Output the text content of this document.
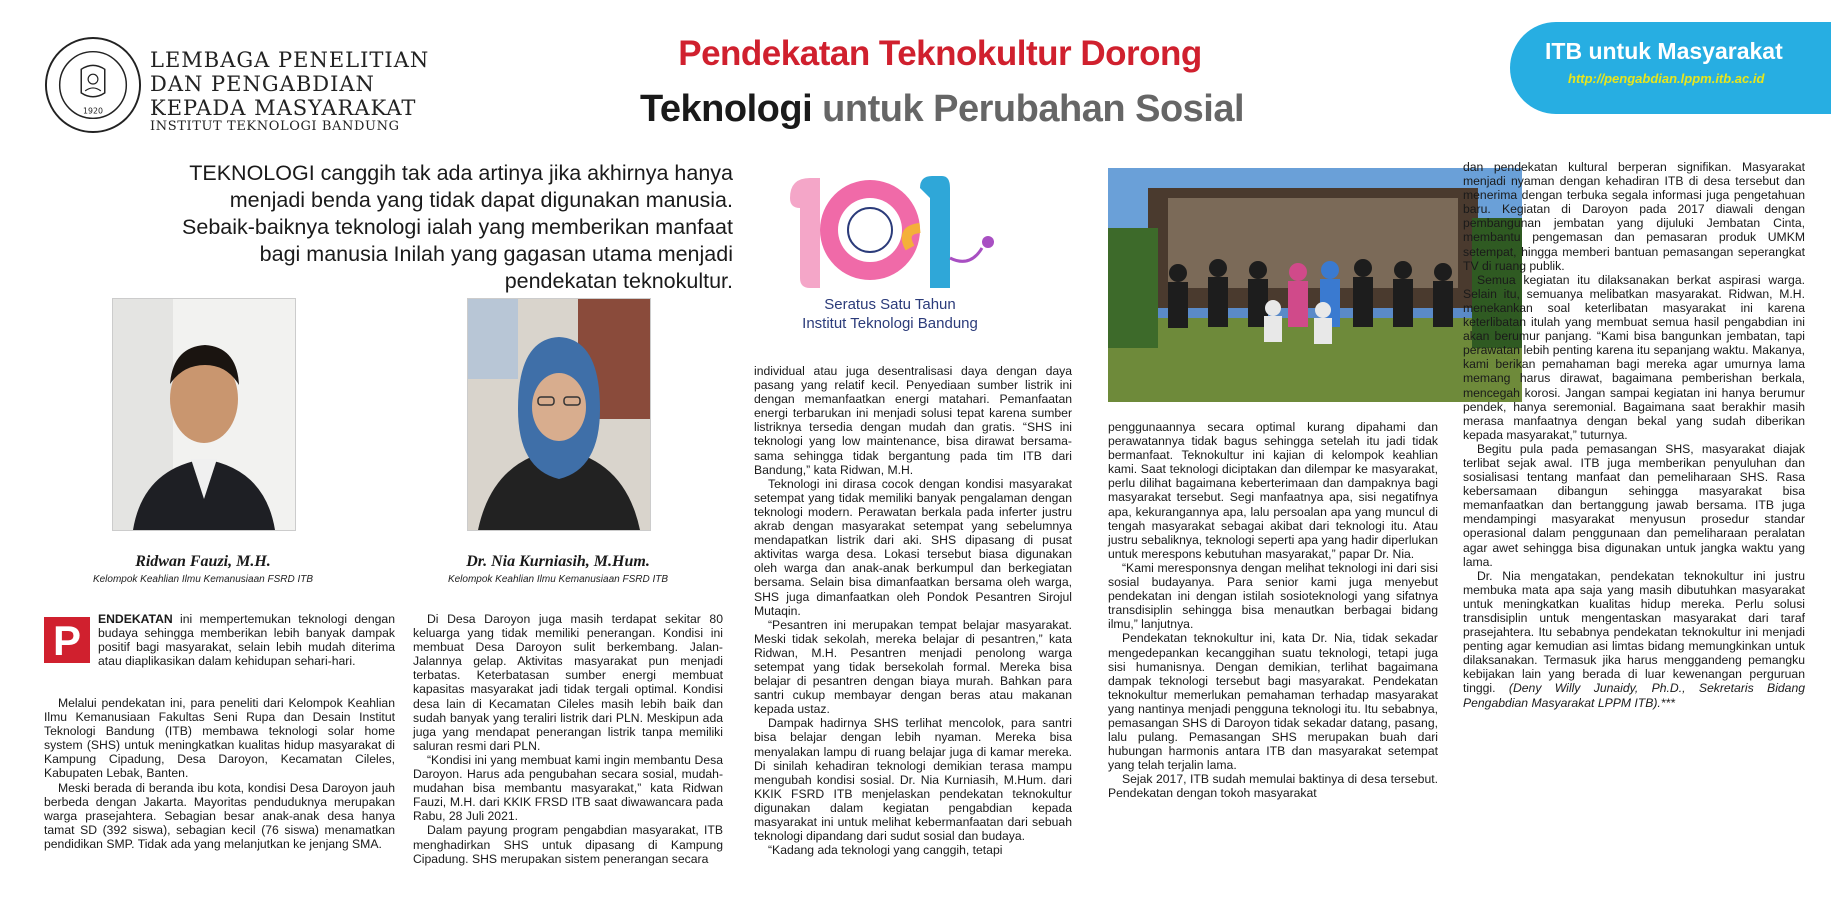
1920
LEMBAGA PENELITIAN
DAN PENGABDIAN
KEPADA MASYARAKAT
INSTITUT TEKNOLOGI BANDUNG
Pendekatan Teknokultur Dorong
Teknologi untuk Perubahan Sosial
ITB untuk Masyarakat
http://pengabdian.lppm.itb.ac.id
TEKNOLOGI canggih tak ada artinya jika akhirnya hanya menjadi benda yang tidak dapat digunakan manusia. Sebaik-baiknya teknologi ialah yang memberikan manfaat bagi manusia Inilah yang gagasan utama menjadi pendekatan teknokultur.
Ridwan Fauzi, M.H.
Kelompok Keahlian Ilmu Kemanusiaan FSRD ITB
Dr. Nia Kurniasih, M.Hum.
Kelompok Keahlian Ilmu Kemanusiaan FSRD ITB
Seratus Satu Tahun
Institut Teknologi Bandung
P	ENDEKATAN ini mempertemukan teknologi dengan budaya sehingga memberikan lebih banyak dampak positif bagi masyarakat, selain lebih mudah diterima atau diaplikasikan dalam kehidupan sehari-hari.

Melalui pendekatan ini, para peneliti dari Kelompok Keahlian Ilmu Kemanusiaan Fakultas Seni Rupa dan Desain Institut Teknologi Bandung (ITB) membawa teknologi solar home system (SHS) untuk meningkatkan kualitas hidup masyarakat di Kampung Cipadung, Desa Daroyon, Kecamatan Cileles, Kabupaten Lebak, Banten.

Meski berada di beranda ibu kota, kondisi Desa Daroyon jauh berbeda dengan Jakarta. Mayoritas penduduknya merupakan warga prasejahtera. Sebagian besar anak-anak desa hanya tamat SD (392 siswa), sebagian kecil (76 siswa) menamatkan pendidikan SMP. Tidak ada yang melanjutkan ke jenjang SMA.

Di Desa Daroyon juga masih terdapat sekitar 80 keluarga yang tidak memiliki penerangan. Kondisi ini membuat Desa Daroyon sulit berkembang. Jalan-Jalannya gelap. Aktivitas masyarakat pun menjadi terbatas. Keterbatasan sumber energi membuat kapasitas masyarakat jadi tidak tergali optimal. Kondisi desa lain di Kecamatan Cileles masih lebih baik dan sudah banyak yang teraliri listrik dari PLN. Meskipun ada juga yang mendapat penerangan listrik tanpa memiliki saluran resmi dari PLN.

“Kondisi ini yang membuat kami ingin membantu Desa Daroyon. Harus ada pengubahan secara sosial, mudah-mudahan bisa membantu masyarakat,” kata Ridwan Fauzi, M.H. dari KKIK FRSD ITB saat diwawancara pada Rabu, 28 Juli 2021.

Dalam payung program pengabdian masyarakat, ITB menghadirkan SHS untuk dipasang di Kampung Cipadung. SHS merupakan sistem penerangan secara

individual atau juga desentralisasi daya dengan daya pasang yang relatif kecil. Penyediaan sumber listrik ini dengan memanfaatkan energi matahari. Pemanfaatan energi terbarukan ini menjadi solusi tepat karena sumber listriknya tersedia dengan mudah dan gratis. “SHS ini teknologi yang low maintenance, bisa dirawat bersama-sama sehingga tidak bergantung pada tim ITB dari Bandung,” kata Ridwan, M.H.

Teknologi ini dirasa cocok dengan kondisi masyarakat setempat yang tidak memiliki banyak pengalaman dengan teknologi modern. Perawatan berkala pada inferter justru akrab dengan masyarakat setempat yang sebelumnya mendapatkan listrik dari aki. SHS dipasang di pusat aktivitas warga desa. Lokasi tersebut biasa digunakan oleh warga dan anak-anak berkumpul dan berkegiatan bersama. Selain bisa dimanfaatkan bersama oleh warga, SHS juga dimanfaatkan oleh Pondok Pesantren Sirojul Mutaqin.

“Pesantren ini merupakan tempat belajar masyarakat. Meski tidak sekolah, mereka belajar di pesantren,” kata Ridwan, M.H. Pesantren menjadi penolong warga setempat yang tidak bersekolah formal. Mereka bisa belajar di pesantren dengan biaya murah. Bahkan para santri cukup membayar dengan beras atau makanan kepada ustaz.

Dampak hadirnya SHS terlihat mencolok, para santri bisa belajar dengan lebih nyaman. Mereka bisa menyalakan lampu di ruang belajar juga di kamar mereka. Di sinilah kehadiran teknologi demikian terasa mampu mengubah kondisi sosial. Dr. Nia Kurniasih, M.Hum. dari KKIK FSRD ITB menjelaskan pendekatan teknokultur digunakan dalam kegiatan pengabdian kepada masyarakat ini untuk melihat kebermanfaatan dari sebuah teknologi dipandang dari sudut sosial dan budaya.

“Kadang ada teknologi yang canggih, tetapi

penggunaannya secara optimal kurang dipahami dan perawatannya tidak bagus sehingga setelah itu jadi tidak bermanfaat. Teknokultur ini kajian di kelompok keahlian kami. Saat teknologi diciptakan dan dilempar ke masyarakat, perlu dilihat bagaimana keberterimaan dan dampaknya bagi masyarakat tersebut. Segi manfaatnya apa, sisi negatifnya apa, kekurangannya apa, lalu persoalan apa yang muncul di tengah masyarakat sebagai akibat dari teknologi itu. Atau justru sebaliknya, teknologi seperti apa yang hadir diperlukan untuk merespons kebutuhan masyarakat,” papar Dr. Nia.

“Kami meresponsnya dengan melihat teknologi ini dari sisi sosial budayanya. Para senior kami juga menyebut pendekatan ini dengan istilah sosioteknologi yang sifatnya transdisiplin sehingga bisa menautkan berbagai bidang ilmu,” lanjutnya.

Pendekatan teknokultur ini, kata Dr. Nia, tidak sekadar mengedepankan kecanggihan suatu teknologi, tetapi juga sisi humanisnya. Dengan demikian, terlihat bagaimana dampak teknologi tersebut bagi masyarakat. Pendekatan teknokultur memerlukan pemahaman terhadap masyarakat yang nantinya menjadi pengguna teknologi itu. Itu sebabnya, pemasangan SHS di Daroyon tidak sekadar datang, pasang, lalu pulang. Pemasangan SHS merupakan buah dari hubungan harmonis antara ITB dan masyarakat setempat yang telah terjalin lama.

Sejak 2017, ITB sudah memulai baktinya di desa tersebut. Pendekatan dengan tokoh masyarakat

dan pendekatan kultural berperan signifikan. Masyarakat menjadi nyaman dengan kehadiran ITB di desa tersebut dan menerima dengan terbuka segala informasi juga pengetahuan baru. Kegiatan di Daroyon pada 2017 diawali dengan pembangunan jembatan yang dijuluki Jembatan Cinta, membantu pengemasan dan pemasaran produk UMKM setempat, hingga memberi bantuan pemasangan seperangkat TV di ruang publik.

Semua kegiatan itu dilaksanakan berkat aspirasi warga. Selain itu, semuanya melibatkan masyarakat. Ridwan, M.H. menekankan soal keterlibatan masyarakat ini karena keterlibatan itulah yang membuat semua hasil pengabdian ini akan berumur panjang. “Kami bisa bangunkan jembatan, tapi perawatan lebih penting karena itu sepanjang waktu. Makanya, kami berikan pemahaman bagi mereka agar umurnya lama memang harus dirawat, bagaimana pemberishan berkala, mencegah korosi. Jangan sampai kegiatan ini hanya berumur pendek, hanya seremonial. Bagaimana saat berakhir masih merasa manfaatnya dengan bekal yang sudah diberikan kepada masyarakat,” tuturnya.

Begitu pula pada pemasangan SHS, masyarakat diajak terlibat sejak awal. ITB juga memberikan penyuluhan dan sosialisasi tentang manfaat dan pemeliharaan SHS. Rasa kebersamaan dibangun sehingga masyarakat bisa memanfaatkan dan bertanggung jawab bersama. ITB juga mendampingi masyarakat menyusun prosedur standar operasional dalam penggunaan dan pemeliharaan peralatan agar awet sehingga bisa digunakan untuk jangka waktu yang lama.

Dr. Nia mengatakan, pendekatan teknokultur ini justru membuka mata apa saja yang masih dibutuhkan masyarakat untuk meningkatkan kualitas hidup mereka. Perlu solusi transdisiplin untuk mengentaskan masyarakat dari taraf prasejahtera. Itu sebabnya pendekatan teknokultur ini menjadi penting agar kemudian asi limtas bidang memungkinkan untuk dilaksanakan. Termasuk jika harus menggandeng pemangku kebijakan lain yang berada di luar kewenangan perguruan tinggi. (Deny Willy Junaidy, Ph.D., Sekretaris Bidang Pengabdian Masyarakat LPPM ITB).***
